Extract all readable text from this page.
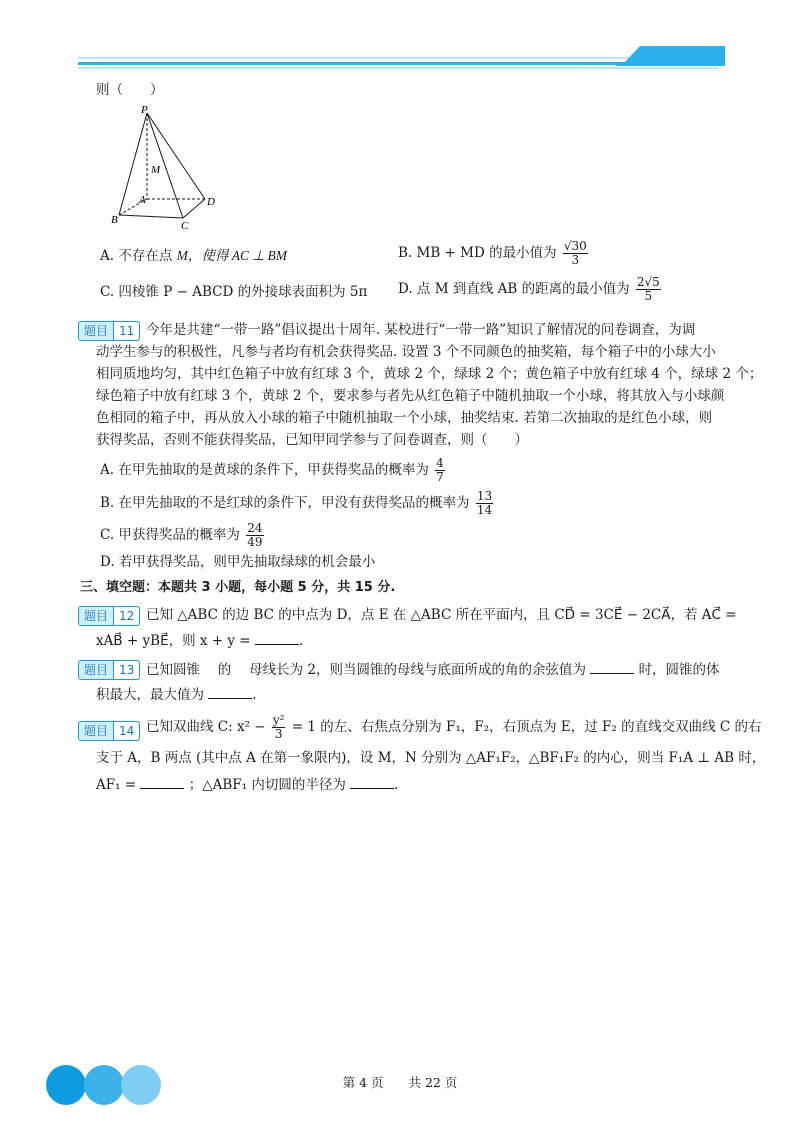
则（　　）
P
M
A
B	C
D
A. 不存在点 M，使得 AC ⊥ BM	B. MB + MD 的最小值为 $\frac{√30}{3}$
C. 四棱锥 P − ABCD 的外接球表面积为 5π D. 点 M 到直线 AB 的距离的最小值为 $\frac{2√5}{5}$
题目 11 今年是共建“一带一路”倡议提出十周年. 某校进行“一带一路”知识了解情况的问卷调查，为调
动学生参与的积极性，凡参与者均有机会获得奖品. 设置 3 个不同颜色的抽奖箱，每个箱子中的小球大小
相同质地均匀，其中红色箱子中放有红球 3 个，黄球 2 个，绿球 2 个；黄色箱子中放有红球 4 个，绿球 2 个；
绿色箱子中放有红球 3 个，黄球 2 个，要求参与者先从红色箱子中随机抽取一个小球，将其放入与小球颜
色相同的箱子中，再从放入小球的箱子中随机抽取一个小球，抽奖结束. 若第二次抽取的是红色小球，则
获得奖品，否则不能获得奖品，已知甲同学参与了问卷调查，则（　　）
A. 在甲先抽取的是黄球的条件下，甲获得奖品的概率为 $\frac{4}{7}$
B. 在甲先抽取的不是红球的条件下，甲没有获得奖品的概率为 $\frac{13}{14}$
C. 甲获得奖品的概率为 $\frac{24}{49}$
D. 若甲获得奖品，则甲先抽取绿球的机会最小
三、填空题：本题共 3 小题，每小题 5 分，共 15 分.
题目 12 已知 △ABC 的边 BC 的中点为 D，点 E 在 △ABC 所在平面内，且 CD⃗ = 3CE⃗ − 2CA⃗，若 AC⃗ =
xAB⃗ + yBE⃗，则 x + y =	.
题目 13 已知圆锥　 的　 母线长为 2，则当圆锥的母线与底面所成的角的余弦值为	时，圆锥的体
积最大，最大值为	.
题目 14 已知双曲线 C: $x^2 - \frac{\text{y²}}{3} = 1$ 的左、右焦点分别为 F₁，F₂，右顶点为 E，过 F₂ 的直线交双曲线 C 的右
支于 A，B 两点 (其中点 A 在第一象限内)，设 M，N 分别为 △AF₁F₂，△BF₁F₂ 的内心，则当 F₁A ⊥ AB 时，
AF₁ =	；△ABF₁ 内切圆的半径为	.
第 4 页　　共 22 页
